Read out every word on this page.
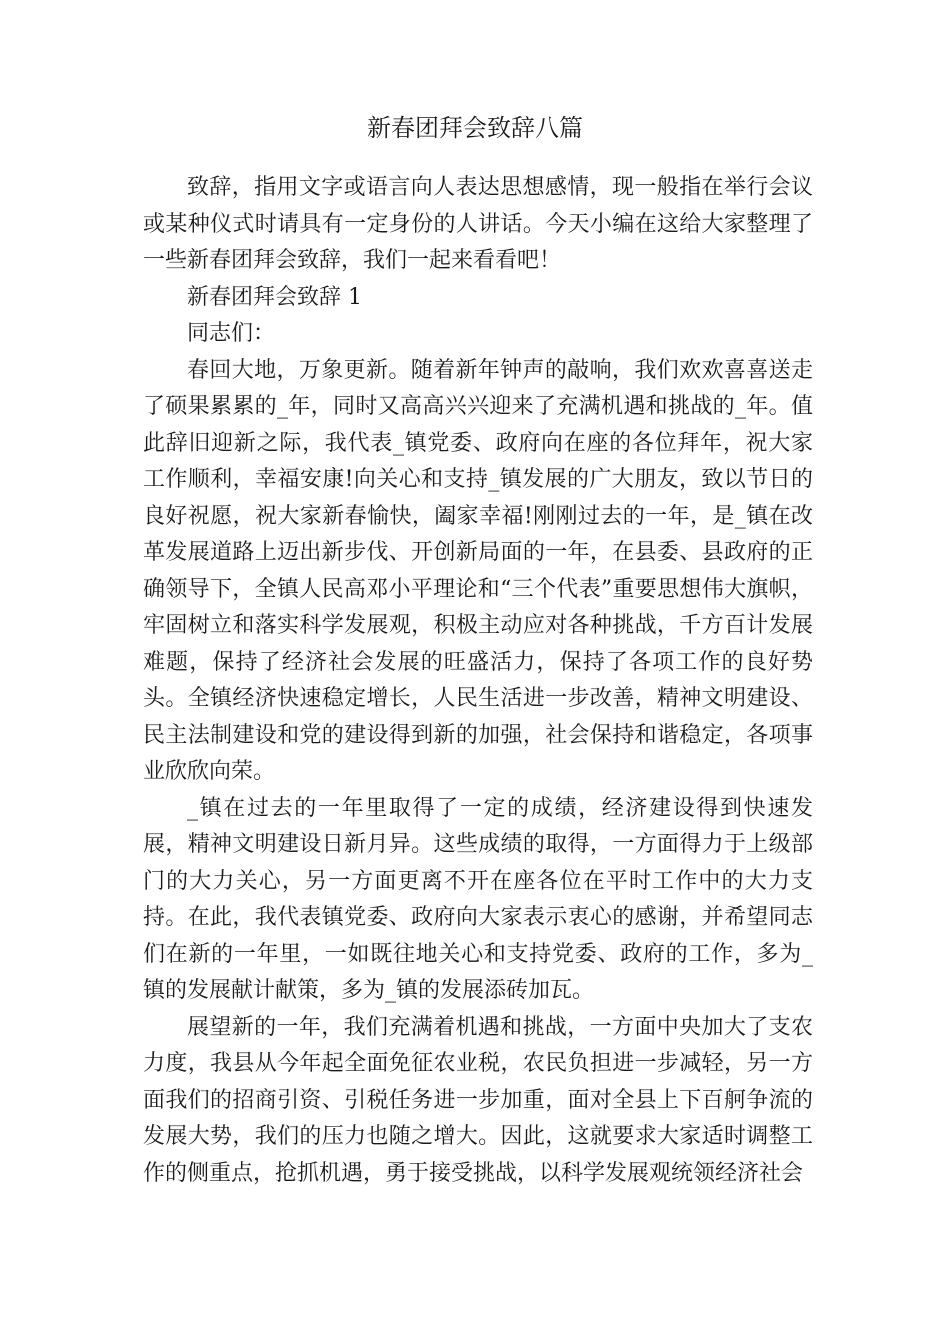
新春团拜会致辞八篇

致辞，指用文字或语言向人表达思想感情，现一般指在举行会议或某种仪式时请具有一定身份的人讲话。今天小编在这给大家整理了一些新春团拜会致辞，我们一起来看看吧！

新春团拜会致辞 1

同志们：

春回大地，万象更新。随着新年钟声的敲响，我们欢欢喜喜送走了硕果累累的_年，同时又高高兴兴迎来了充满机遇和挑战的_年。值此辞旧迎新之际，我代表_镇党委、政府向在座的各位拜年，祝大家工作顺利，幸福安康!向关心和支持_镇发展的广大朋友，致以节日的良好祝愿，祝大家新春愉快，阖家幸福!刚刚过去的一年，是_镇在改革发展道路上迈出新步伐、开创新局面的一年，在县委、县政府的正确领导下，全镇人民高邓小平理论和“三个代表”重要思想伟大旗帜，牢固树立和落实科学发展观，积极主动应对各种挑战，千方百计发展难题，保持了经济社会发展的旺盛活力，保持了各项工作的良好势头。全镇经济快速稳定增长，人民生活进一步改善，精神文明建设、民主法制建设和党的建设得到新的加强，社会保持和谐稳定，各项事业欣欣向荣。

_镇在过去的一年里取得了一定的成绩，经济建设得到快速发展，精神文明建设日新月异。这些成绩的取得，一方面得力于上级部门的大力关心，另一方面更离不开在座各位在平时工作中的大力支持。在此，我代表镇党委、政府向大家表示衷心的感谢，并希望同志们在新的一年里，一如既往地关心和支持党委、政府的工作，多为_镇的发展献计献策，多为_镇的发展添砖加瓦。

展望新的一年，我们充满着机遇和挑战，一方面中央加大了支农力度，我县从今年起全面免征农业税，农民负担进一步减轻，另一方面我们的招商引资、引税任务进一步加重，面对全县上下百舸争流的发展大势，我们的压力也随之增大。因此，这就要求大家适时调整工作的侧重点，抢抓机遇，勇于接受挑战，以科学发展观统领经济社会
